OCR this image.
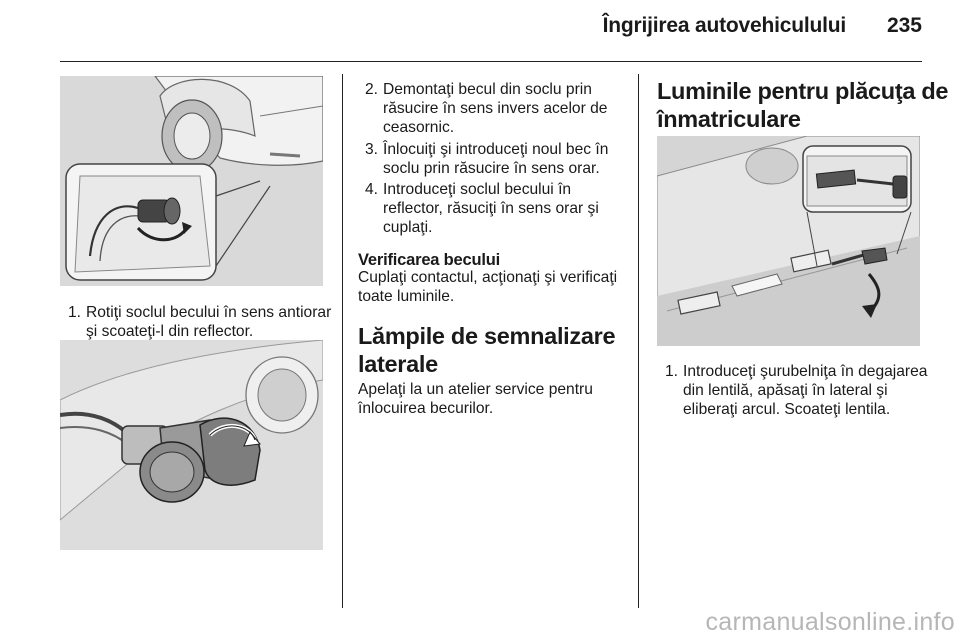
Îngrijirea autovehiculului	235
1. Rotiţi soclul becului în sens antiorar şi scoateţi-l din reflector.
2. Demontaţi becul din soclu prin răsucire în sens invers acelor de ceasornic.
3. Înlocuiţi şi introduceţi noul bec în soclu prin răsucire în sens orar.
4. Introduceţi soclul becului în reflector, răsuciţi în sens orar şi cuplaţi.
Verificarea becului
Cuplaţi contactul, acţionaţi şi verificaţi toate luminile.
Lămpile de semnalizare laterale
Apelaţi la un atelier service pentru înlocuirea becurilor.
Luminile pentru plăcuţa de înmatriculare
1. Introduceţi şurubelniţa în degajarea din lentilă, apăsaţi în lateral şi eliberaţi arcul. Scoateţi lentila.
carmanualsonline.info
